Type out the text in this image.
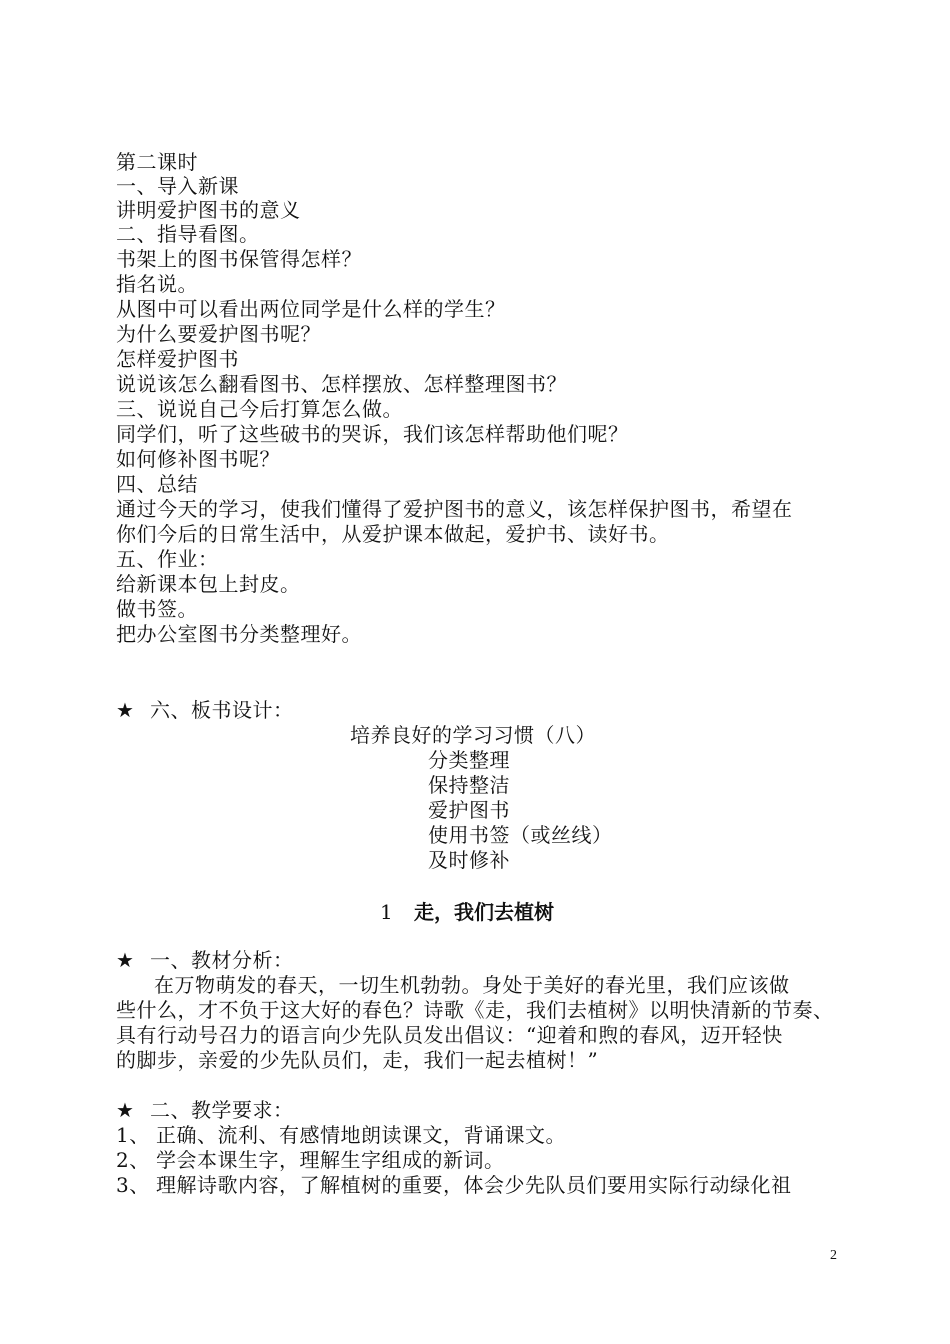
第二课时
一、导入新课
讲明爱护图书的意义
二、指导看图。
书架上的图书保管得怎样？
指名说。
从图中可以看出两位同学是什么样的学生？
为什么要爱护图书呢？
怎样爱护图书
说说该怎么翻看图书、怎样摆放、怎样整理图书？
三、说说自己今后打算怎么做。
同学们，听了这些破书的哭诉，我们该怎样帮助他们呢？
如何修补图书呢？
四、总结
通过今天的学习，使我们懂得了爱护图书的意义，该怎样保护图书，希望在
你们今后的日常生活中，从爱护课本做起，爱护书、读好书。
五、作业：
给新课本包上封皮。
做书签。
把办公室图书分类整理好。
★ 六、板书设计：
培养良好的学习习惯（八）
分类整理
保持整洁
爱护图书
使用书签（或丝线）
及时修补
1 走，我们去植树
★ 一、教材分析：
在万物萌发的春天，一切生机勃勃。身处于美好的春光里，我们应该做
些什么，才不负于这大好的春色？诗歌《走，我们去植树》以明快清新的节奏、
具有行动号召力的语言向少先队员发出倡议：“迎着和煦的春风，迈开轻快
的脚步，亲爱的少先队员们，走，我们一起去植树！”
★ 二、教学要求：
1、 正确、流利、有感情地朗读课文，背诵课文。
2、 学会本课生字，理解生字组成的新词。
3、 理解诗歌内容，了解植树的重要，体会少先队员们要用实际行动绿化祖
2
